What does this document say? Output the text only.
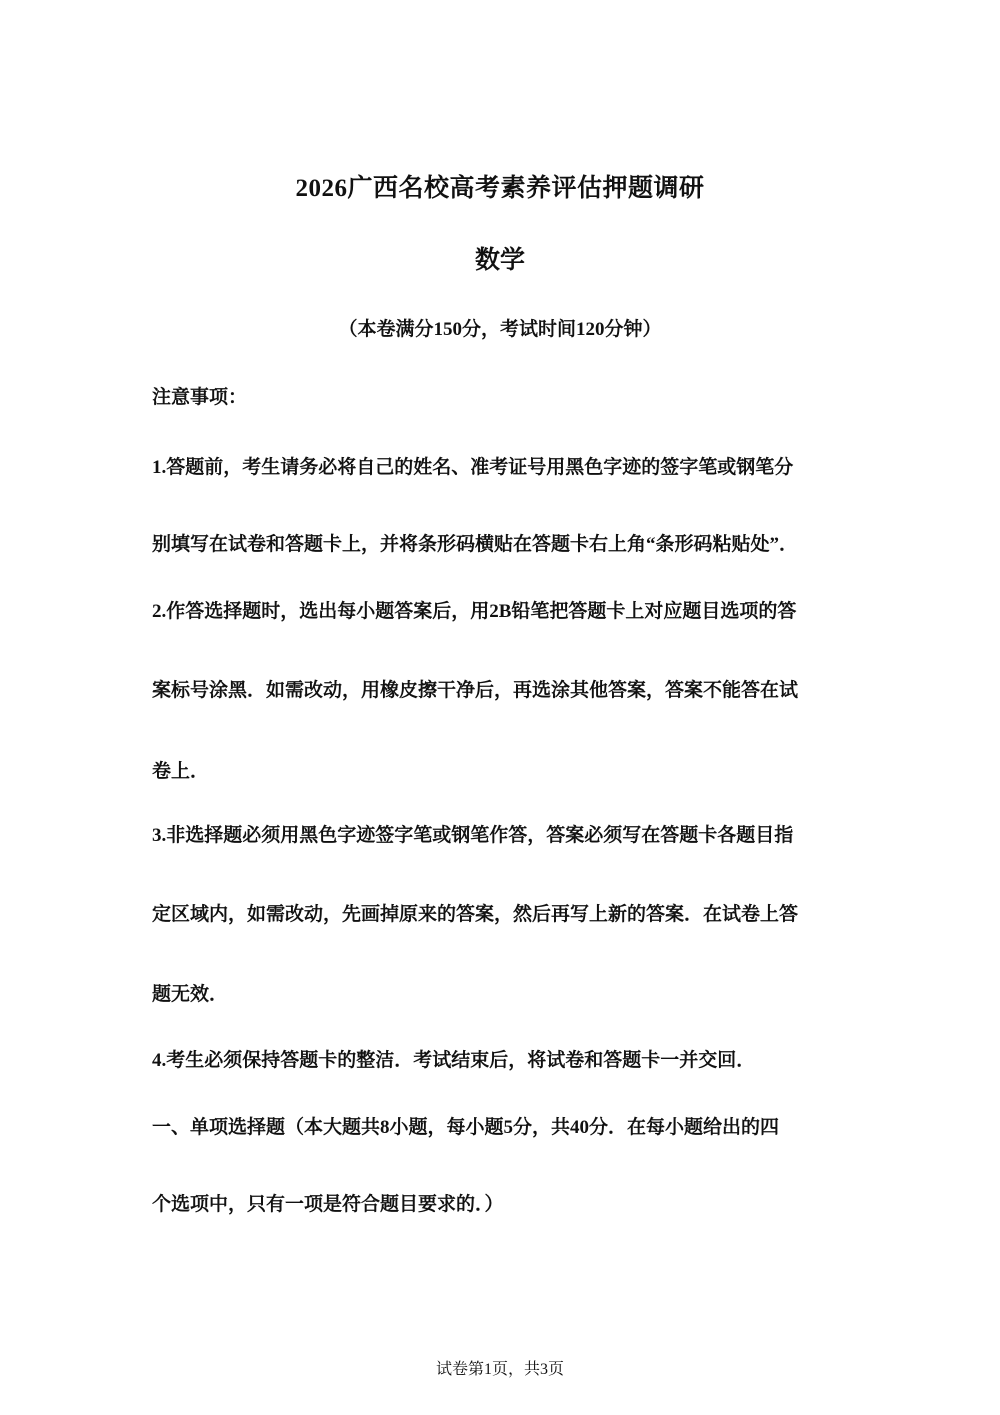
2026广西名校高考素养评估押题调研
数学
（本卷满分150分，考试时间120分钟）
注意事项：
1.答题前，考生请务必将自己的姓名、准考证号用黑色字迹的签字笔或钢笔分
别填写在试卷和答题卡上，并将条形码横贴在答题卡右上角“条形码粘贴处”．
2.作答选择题时，选出每小题答案后，用2B铅笔把答题卡上对应题目选项的答
案标号涂黑．如需改动，用橡皮擦干净后，再选涂其他答案，答案不能答在试
卷上．
3.非选择题必须用黑色字迹签字笔或钢笔作答，答案必须写在答题卡各题目指
定区域内，如需改动，先画掉原来的答案，然后再写上新的答案．在试卷上答
题无效．
4.考生必须保持答题卡的整洁．考试结束后，将试卷和答题卡一并交回．
一、单项选择题（本大题共8小题，每小题5分，共40分．在每小题给出的四
个选项中，只有一项是符合题目要求的．）
试卷第1页，共3页
